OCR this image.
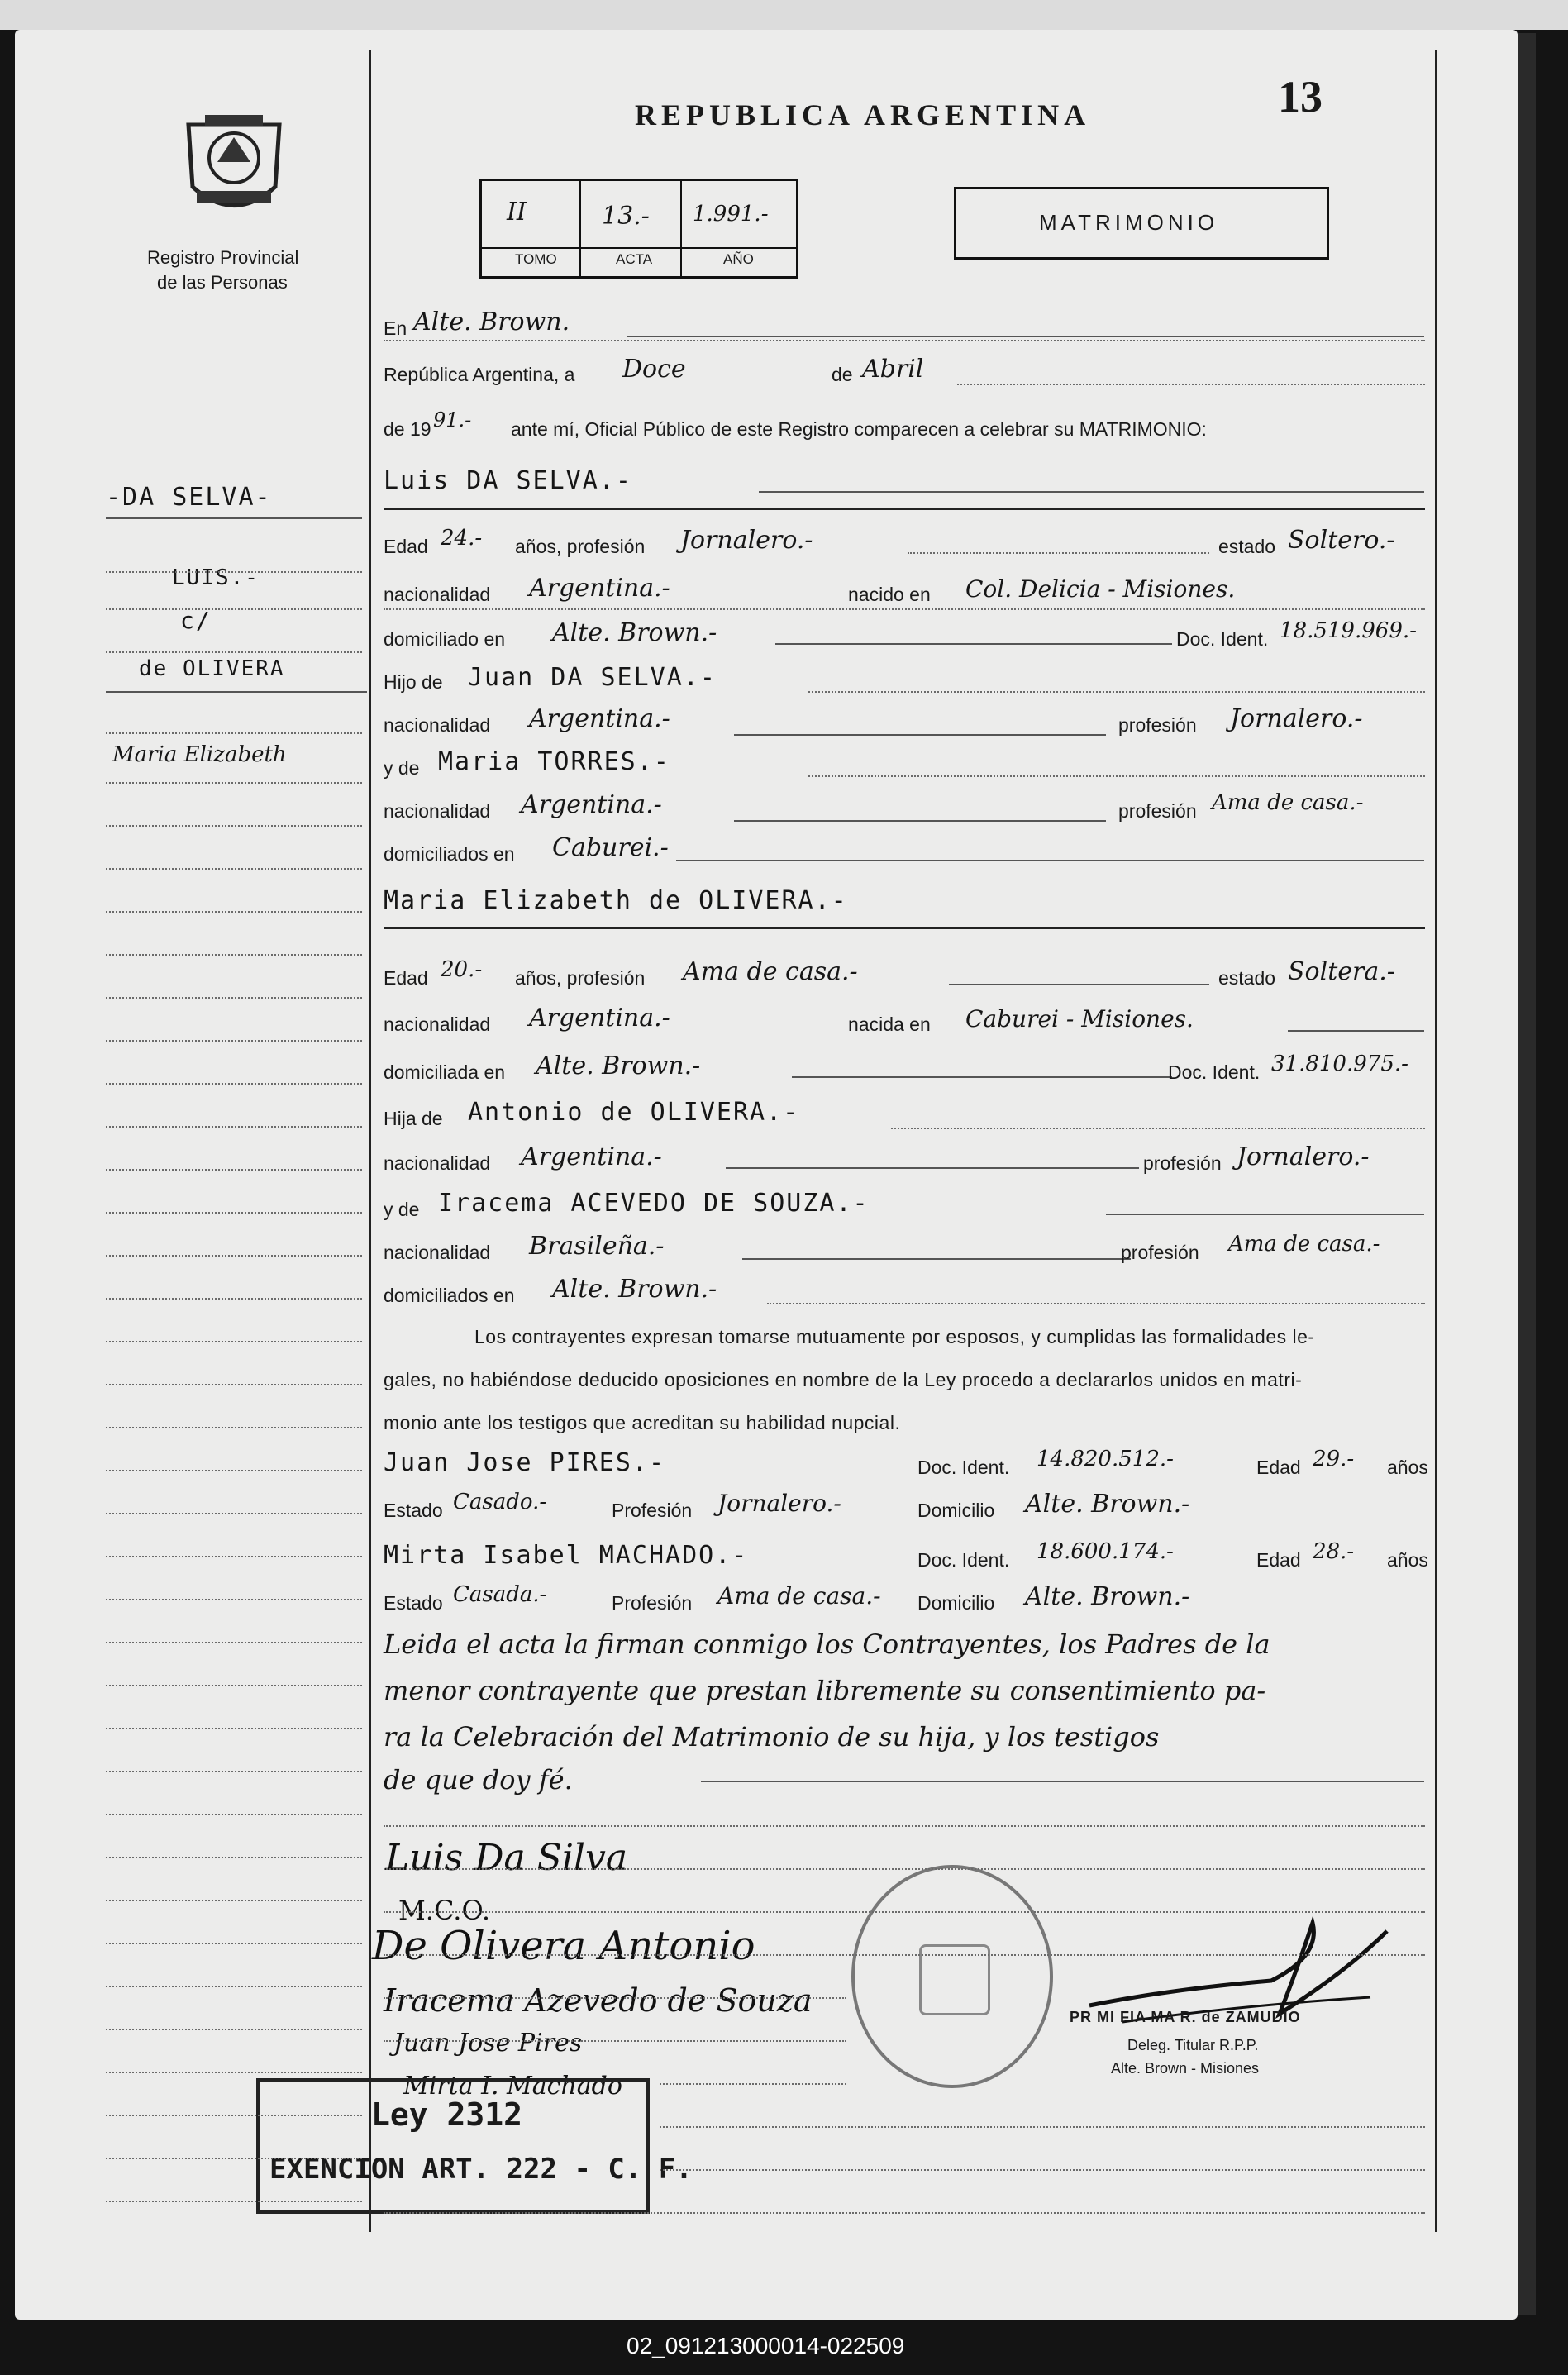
REPUBLICA ARGENTINA	13
Registro Provincial
de las Personas
II	13.- 1.991.-
TOMO	ACTA	AÑO
MATRIMONIO
-DA SELVA-
LUIS.-
c/
de OLIVERA
Maria Elizabeth
En Alte. Brown.
República Argentina, a Doce	de Abril
de 19 91.- ante mí, Oficial Público de este Registro comparecen a celebrar su MATRIMONIO:
Luis DA SELVA.-
Edad 24.- años, profesión Jornalero.-	estado Soltero.-
nacionalidad Argentina.-	nacido en Col. Delicia - Misiones.
domiciliado en Alte. Brown.-	Doc. Ident. 18.519.969.-
Hijo de Juan DA SELVA.-
nacionalidad Argentina.-	profesión Jornalero.-
y de Maria TORRES.-
nacionalidad Argentina.-	profesión Ama de casa.-
domiciliados en Caburei.-
Maria Elizabeth de OLIVERA.-
Edad 20.- años, profesión Ama de casa.-	estado Soltera.-
nacionalidad Argentina.-	nacida en Caburei - Misiones.
domiciliada en Alte. Brown.-	Doc. Ident. 31.810.975.-
Hija de Antonio de OLIVERA.-
nacionalidad Argentina.-	profesión Jornalero.-
y de Iracema ACEVEDO DE SOUZA.-
nacionalidad Brasileña.-	profesión Ama de casa.-
domiciliados en Alte. Brown.-
Los contrayentes expresan tomarse mutuamente por esposos, y cumplidas las formalidades le-
gales, no habiéndose deducido oposiciones en nombre de la Ley procedo a declararlos unidos en matri-
monio ante los testigos que acreditan su habilidad nupcial.
Juan Jose PIRES.-	Doc. Ident. 14.820.512.-	Edad 29.- años
Estado Casado.-	Profesión Jornalero.-	Domicilio Alte. Brown.-
Mirta Isabel MACHADO.-	Doc. Ident. 18.600.174.-	Edad 28.- años
Estado Casada.-	Profesión Ama de casa.- Domicilio Alte. Brown.-
Leida el acta la firman conmigo los Contrayentes, los Padres de la
menor contrayente que prestan libremente su consentimiento pa-
ra la Celebración del Matrimonio de su hija, y los testigos
de que doy fé.
Luis Da Silva
M.C.O.
De Olivera Antonio
Iracema Azevedo de Souza
Juan Jose Pires
Mirta I. Machado
PR MI FIA MA R. de ZAMUDIO
Deleg. Titular R.P.P.
Alte. Brown - Misiones
Ley 2312
EXENCION ART. 222 - C. F.
02_091213000014-022509
